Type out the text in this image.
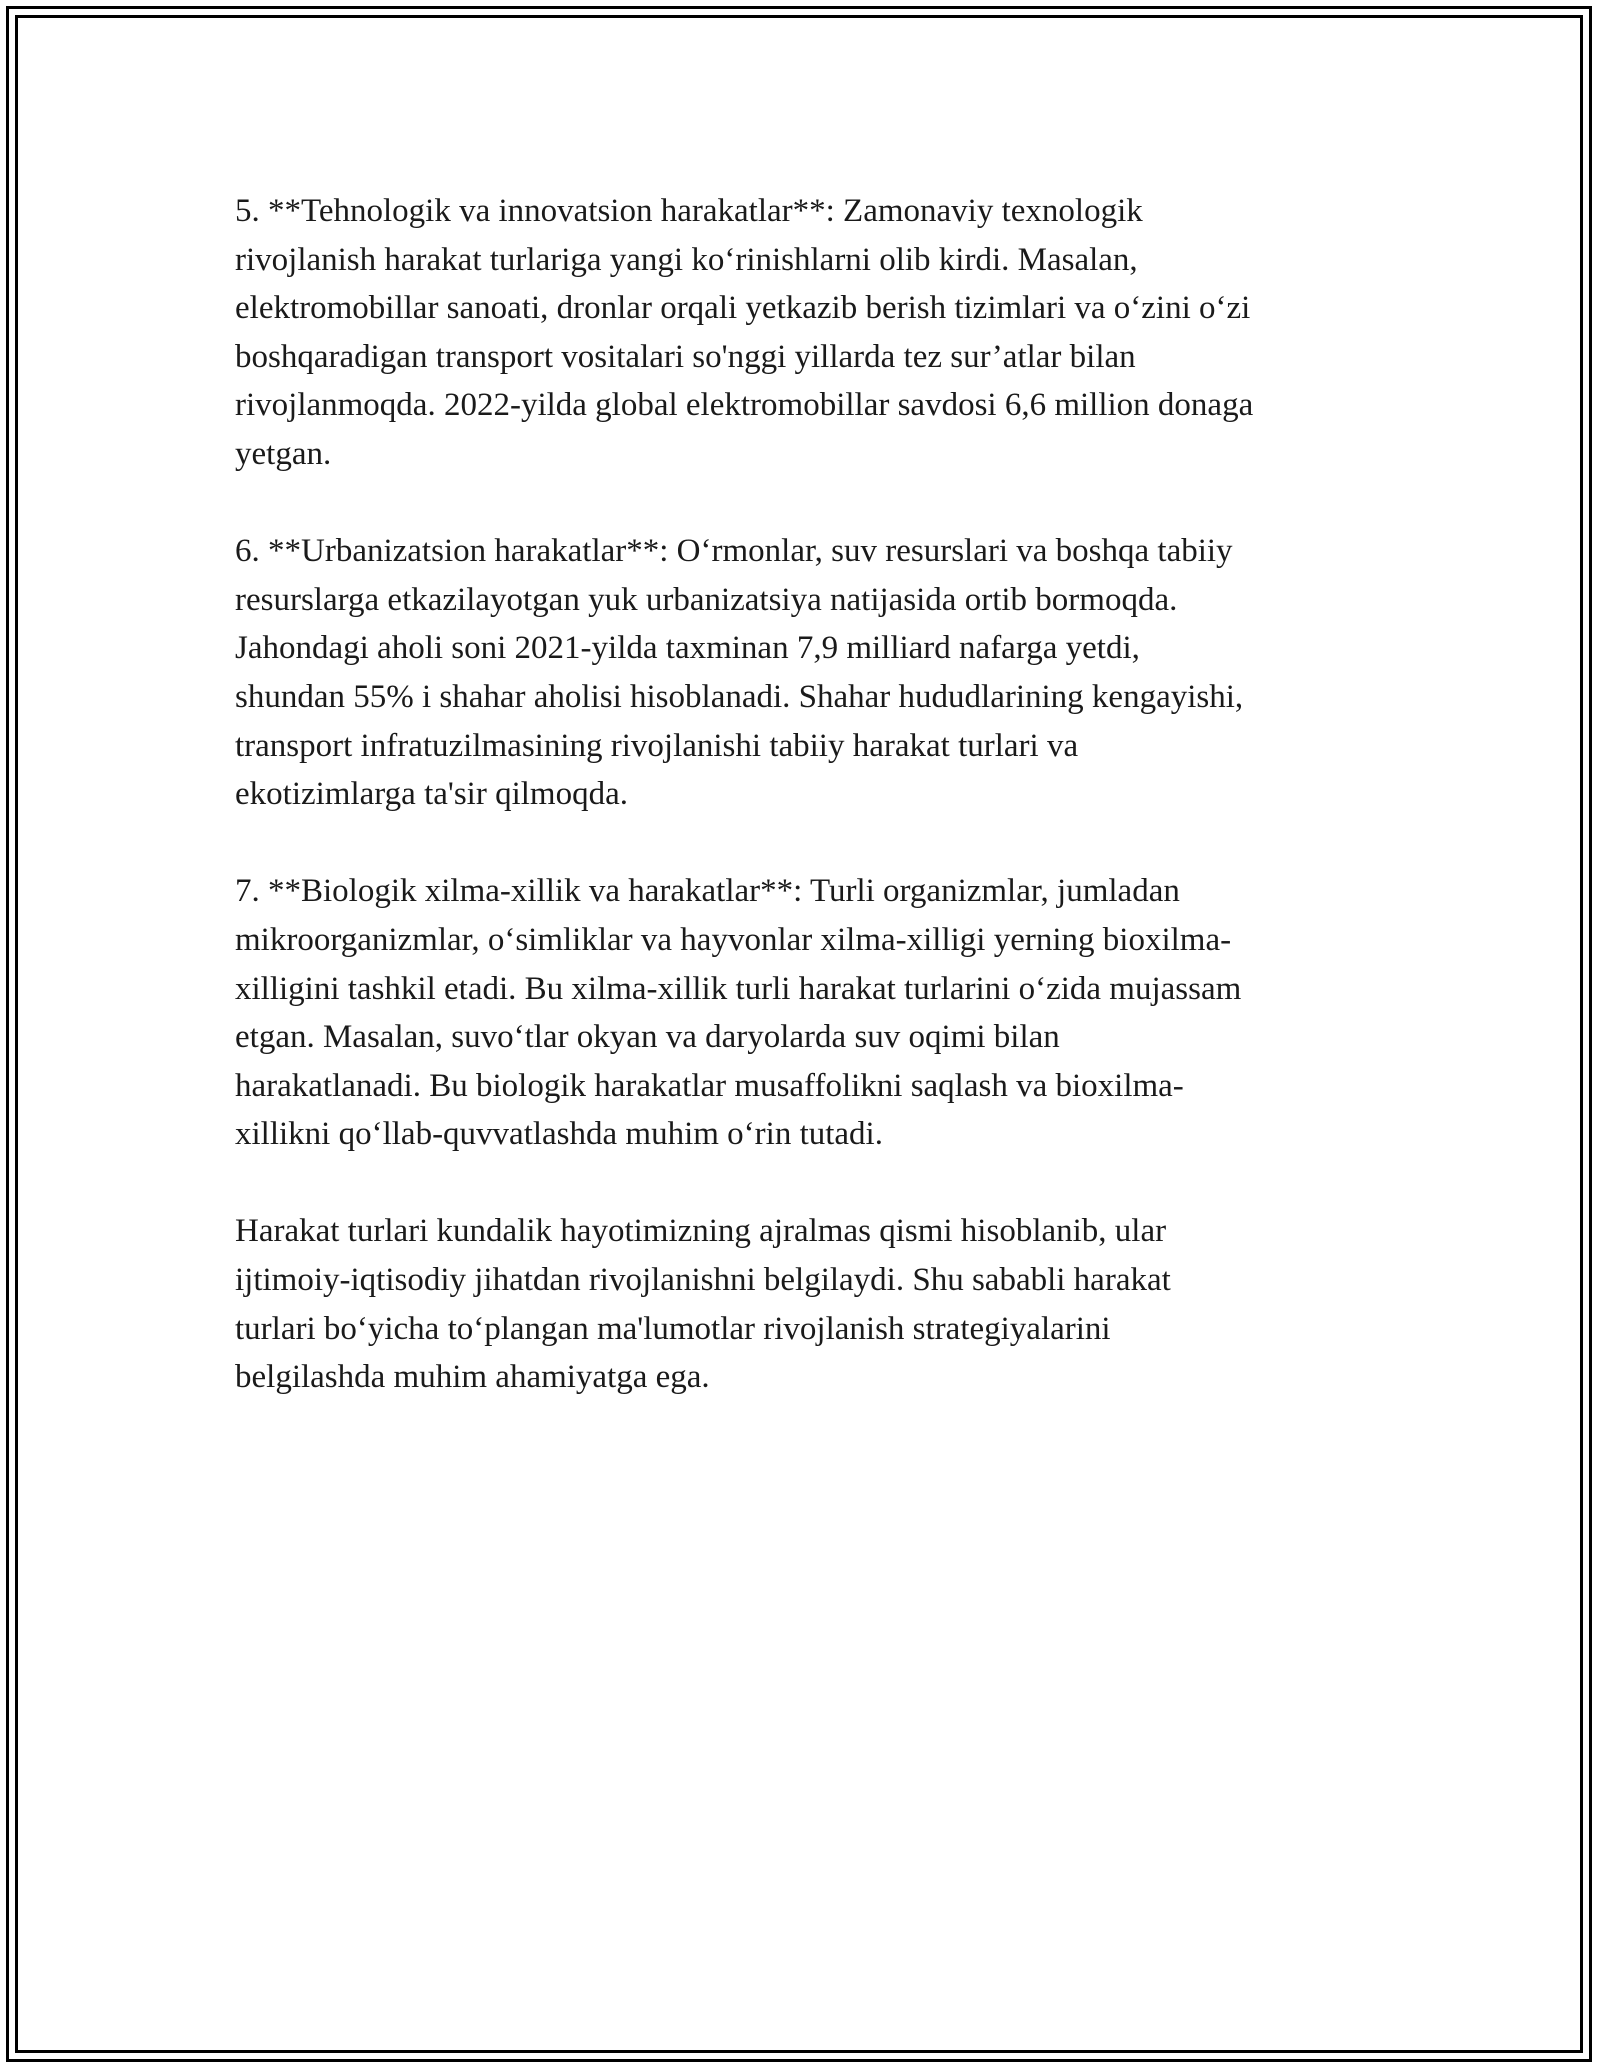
5. **Tehnologik va innovatsion harakatlar**: Zamonaviy texnologik
rivojlanish harakat turlariga yangi ko‘rinishlarni olib kirdi. Masalan,
elektromobillar sanoati, dronlar orqali yetkazib berish tizimlari va o‘zini o‘zi
boshqaradigan transport vositalari so'nggi yillarda tez sur’atlar bilan
rivojlanmoqda. 2022-yilda global elektromobillar savdosi 6,6 million donaga
yetgan.

6. **Urbanizatsion harakatlar**: O‘rmonlar, suv resurslari va boshqa tabiiy
resurslarga etkazilayotgan yuk urbanizatsiya natijasida ortib bormoqda.
Jahondagi aholi soni 2021-yilda taxminan 7,9 milliard nafarga yetdi,
shundan 55% i shahar aholisi hisoblanadi. Shahar hududlarining kengayishi,
transport infratuzilmasining rivojlanishi tabiiy harakat turlari va
ekotizimlarga ta'sir qilmoqda.

7. **Biologik xilma-xillik va harakatlar**: Turli organizmlar, jumladan
mikroorganizmlar, o‘simliklar va hayvonlar xilma-xilligi yerning bioxilma-
xilligini tashkil etadi. Bu xilma-xillik turli harakat turlarini o‘zida mujassam
etgan. Masalan, suvo‘tlar okyan va daryolarda suv oqimi bilan
harakatlanadi. Bu biologik harakatlar musaffolikni saqlash va bioxilma-
xillikni qo‘llab-quvvatlashda muhim o‘rin tutadi.

Harakat turlari kundalik hayotimizning ajralmas qismi hisoblanib, ular
ijtimoiy-iqtisodiy jihatdan rivojlanishni belgilaydi. Shu sababli harakat
turlari bo‘yicha to‘plangan ma'lumotlar rivojlanish strategiyalarini
belgilashda muhim ahamiyatga ega.
